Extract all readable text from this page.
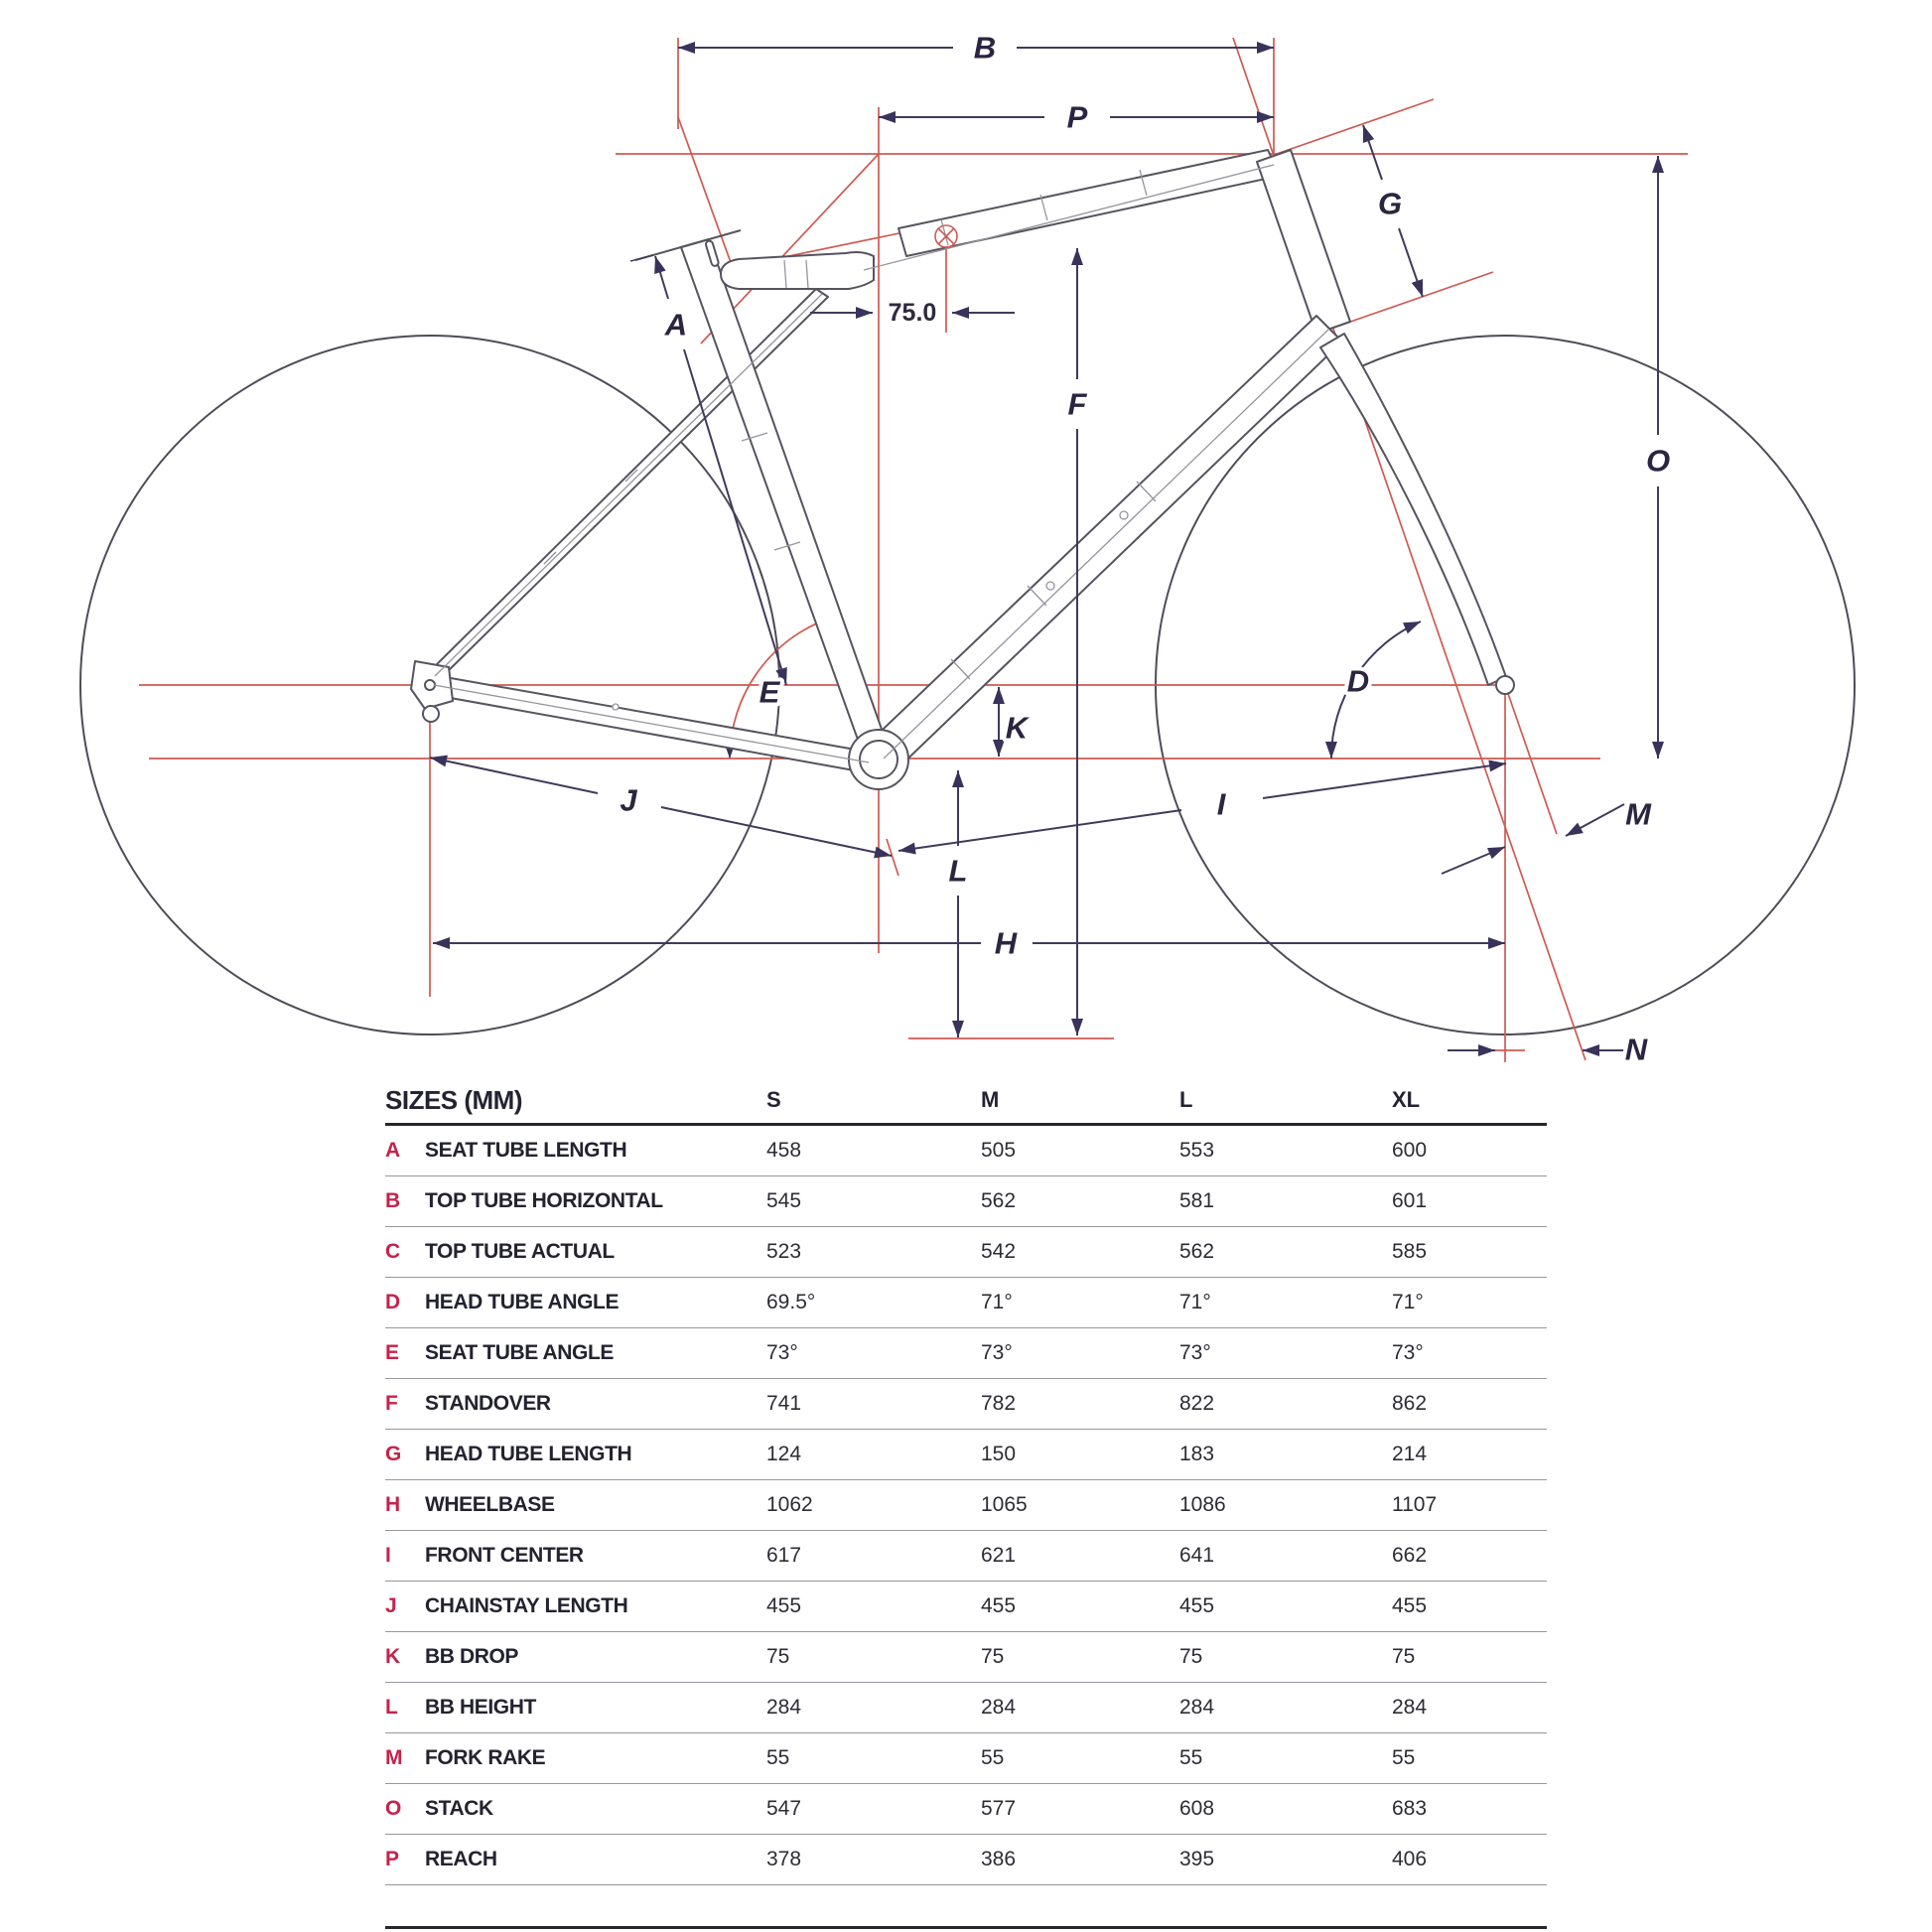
B
P
G
A	75.0
F
O
E	D
K
J	I	M
L
H
N
SIZES (MM)	S	M	L	XL
A	SEAT TUBE LENGTH	458	505	553	600
B	TOP TUBE HORIZONTAL	545	562	581	601
C	TOP TUBE ACTUAL	523	542	562	585
D	HEAD TUBE ANGLE	69.5°	71°	71°	71°
E	SEAT TUBE ANGLE	73°	73°	73°	73°
F	STANDOVER	741	782	822	862
G	HEAD TUBE LENGTH	124	150	183	214
H	WHEELBASE	1062	1065	1086	1107
I	FRONT CENTER	617	621	641	662
J	CHAINSTAY LENGTH	455	455	455	455
K	BB DROP	75	75	75	75
L	BB HEIGHT	284	284	284	284
M	FORK RAKE	55	55	55	55
O	STACK	547	577	608	683
P	REACH	378	386	395	406
